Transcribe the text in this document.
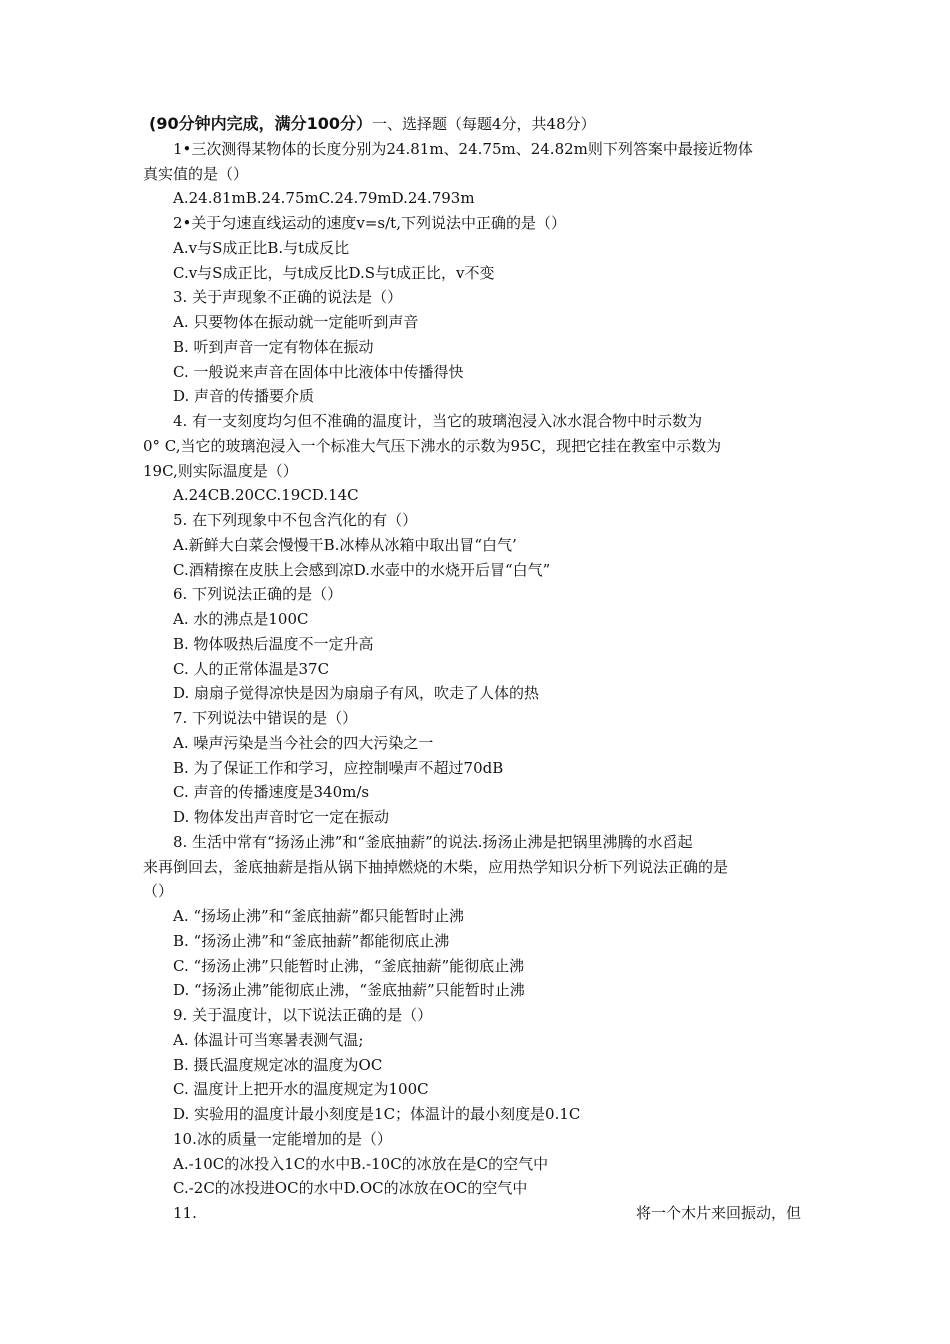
(90分钟内完成，满分100分）一、选择题（每题4分，共48分）
1•三次测得某物体的长度分别为24.81m、24.75m、24.82m则下列答案中最接近物体
真实值的是（）
A.24.81mB.24.75mC.24.79mD.24.793m
2•关于匀速直线运动的速度v=s/t,下列说法中正确的是（）
A.v与S成正比B.与t成反比
C.v与S成正比，与t成反比D.S与t成正比，v不变
3. 关于声现象不正确的说法是（）
A. 只要物体在振动就一定能听到声音
B. 听到声音一定有物体在振动
C. 一般说来声音在固体中比液体中传播得快
D. 声音的传播要介质
4. 有一支刻度均匀但不准确的温度计，当它的玻璃泡浸入冰水混合物中时示数为
0° C,当它的玻璃泡浸入一个标准大气压下沸水的示数为95C，现把它挂在教室中示数为
19C,则实际温度是（）
A.24CB.20CC.19CD.14C
5. 在下列现象中不包含汽化的有（）
A.新鲜大白菜会慢慢干B.冰棒从冰箱中取出冒“白气’
C.酒精擦在皮肤上会感到凉D.水壶中的水烧开后冒“白气”
6. 下列说法正确的是（）
A. 水的沸点是100C
B. 物体吸热后温度不一定升高
C. 人的正常体温是37C
D. 扇扇子觉得凉快是因为扇扇子有风，吹走了人体的热
7. 下列说法中错误的是（）
A. 噪声污染是当今社会的四大污染之一
B. 为了保证工作和学习，应控制噪声不超过70dB
C. 声音的传播速度是340m/s
D. 物体发出声音时它一定在振动
8. 生活中常有“扬汤止沸”和“釜底抽薪”的说法.扬汤止沸是把锅里沸腾的水舀起
来再倒回去，釜底抽薪是指从锅下抽掉燃烧的木柴，应用热学知识分析下列说法正确的是
（）
A. “扬场止沸”和“釜底抽薪”都只能暂时止沸
B. “扬汤止沸”和“釜底抽薪”都能彻底止沸
C. “扬汤止沸”只能暂时止沸，“釜底抽薪”能彻底止沸
D. “扬汤止沸”能彻底止沸，“釜底抽薪”只能暂时止沸
9. 关于温度计，以下说法正确的是（）
A. 体温计可当寒暑表测气温;
B. 摄氏温度规定冰的温度为OC
C. 温度计上把开水的温度规定为100C
D. 实验用的温度计最小刻度是1C；体温计的最小刻度是0.1C
10.冰的质量一定能增加的是（）
A.-10C的冰投入1C的水中B.-10C的冰放在是C的空气中
C.-2C的冰投进OC的水中D.OC的冰放在OC的空气中
11.	将一个木片来回振动，但
